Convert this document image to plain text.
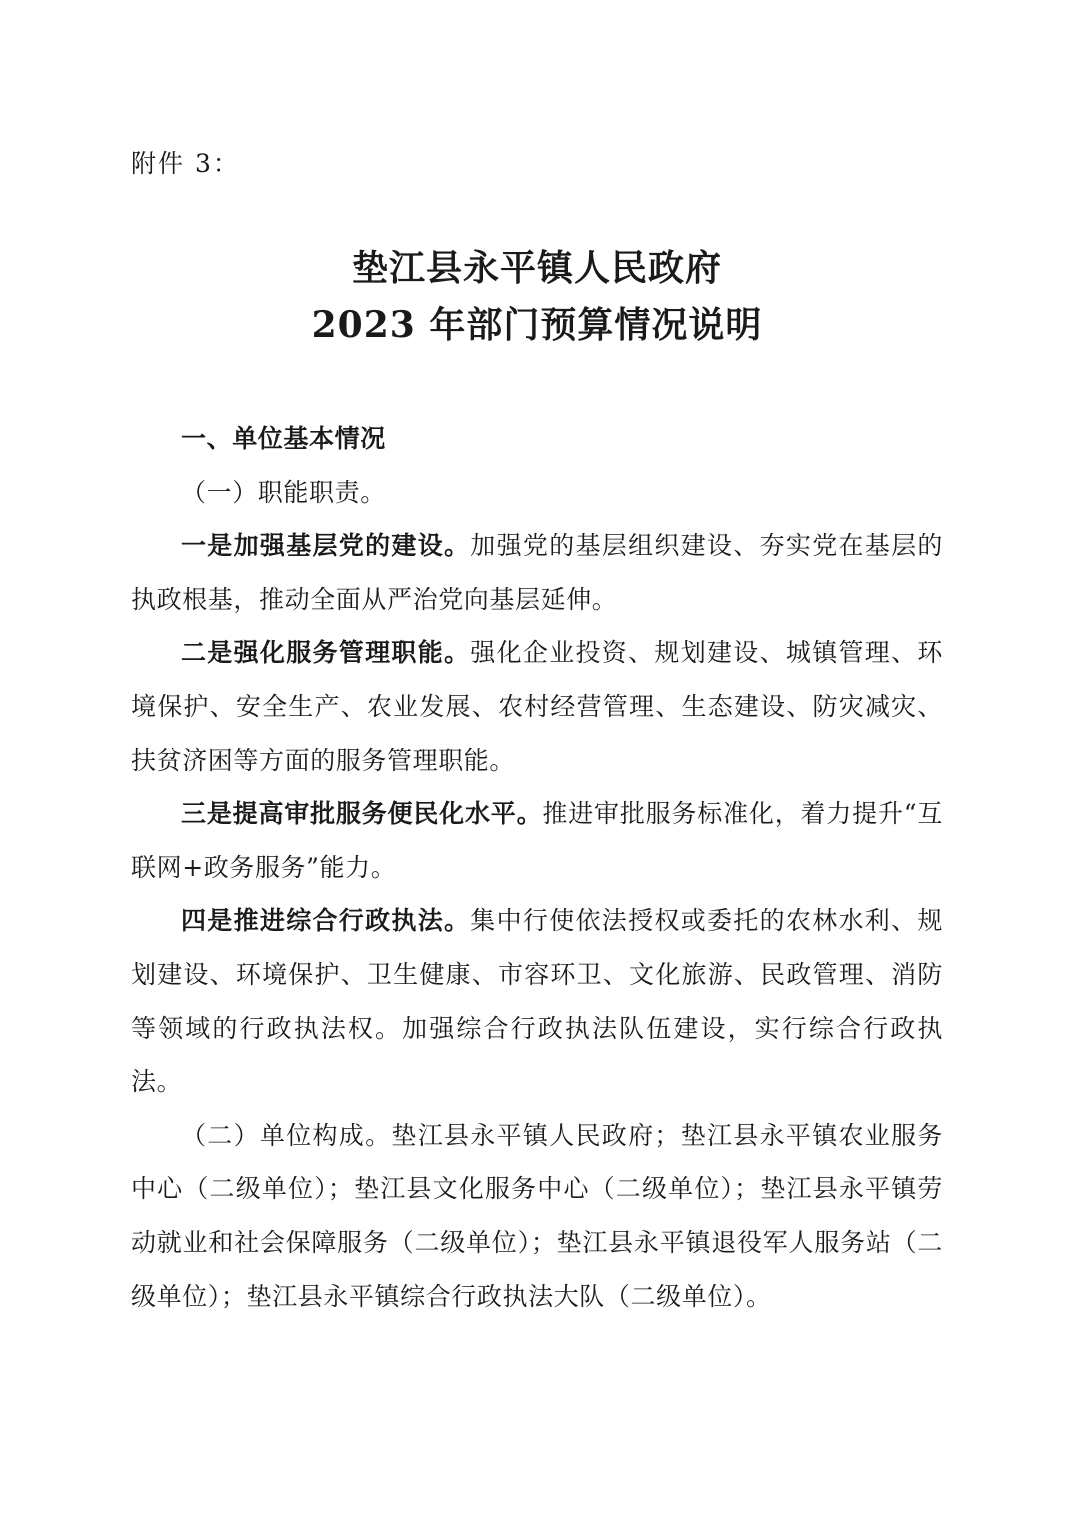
附件 3：
垫江县永平镇人民政府
2023 年部门预算情况说明

一、单位基本情况

（一）职能职责。

一是加强基层党的建设。加强党的基层组织建设、夯实党在基层的执政根基，推动全面从严治党向基层延伸。

二是强化服务管理职能。强化企业投资、规划建设、城镇管理、环境保护、安全生产、农业发展、农村经营管理、生态建设、防灾减灾、扶贫济困等方面的服务管理职能。

三是提高审批服务便民化水平。推进审批服务标准化，着力提升“互联网+政务服务”能力。

四是推进综合行政执法。集中行使依法授权或委托的农林水利、规划建设、环境保护、卫生健康、市容环卫、文化旅游、民政管理、消防等领域的行政执法权。加强综合行政执法队伍建设，实行综合行政执法。

（二）单位构成。垫江县永平镇人民政府；垫江县永平镇农业服务中心（二级单位）；垫江县文化服务中心（二级单位）；垫江县永平镇劳动就业和社会保障服务（二级单位）；垫江县永平镇退役军人服务站（二级单位）；垫江县永平镇综合行政执法大队（二级单位）。
